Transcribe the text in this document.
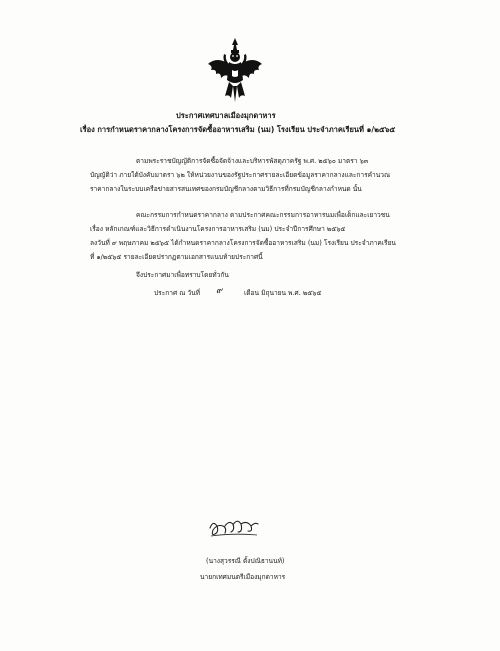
ประกาศเทศบาลเมืองมุกดาหาร
เรื่อง การกำหนดราคากลางโครงการจัดซื้ออาหารเสริม (นม) โรงเรียน ประจำภาคเรียนที่ ๑/๒๕๖๕
ตามพระราชบัญญัติการจัดซื้อจัดจ้างและบริหารพัสดุภาครัฐ พ.ศ. ๒๕๖๐ มาตรา ๖๓
บัญญัติว่า ภายใต้บังคับมาตรา ๖๒ ให้หน่วยงานของรัฐประกาศรายละเอียดข้อมูลราคากลางและการคำนวณ
ราคากลางในระบบเครือข่ายสารสนเทศของกรมบัญชีกลางตามวิธีการที่กรมบัญชีกลางกำหนด นั้น
คณะกรรมการกำหนดราคากลาง ตามประกาศคณะกรรมการอาหารนมเพื่อเด็กและเยาวชน
เรื่อง หลักเกณฑ์และวิธีการดำเนินงานโครงการอาหารเสริม (นม) ประจำปีการศึกษา ๒๕๖๕
ลงวันที่ ๙ พฤษภาคม ๒๕๖๕ ได้กำหนดราคากลางโครงการจัดซื้ออาหารเสริม (นม) โรงเรียน ประจำภาคเรียน
ที่ ๑/๒๕๖๕ รายละเอียดปรากฏตามเอกสารแนบท้ายประกาศนี้
จึงประกาศมาเพื่อทราบโดยทั่วกัน
ประกาศ ณ วันที่ ๙	เดือน มิถุนายน พ.ศ. ๒๕๖๕
(นางสุวรรณี ตั้งปณิธานนท์)
นายกเทศมนตรีเมืองมุกดาหาร
